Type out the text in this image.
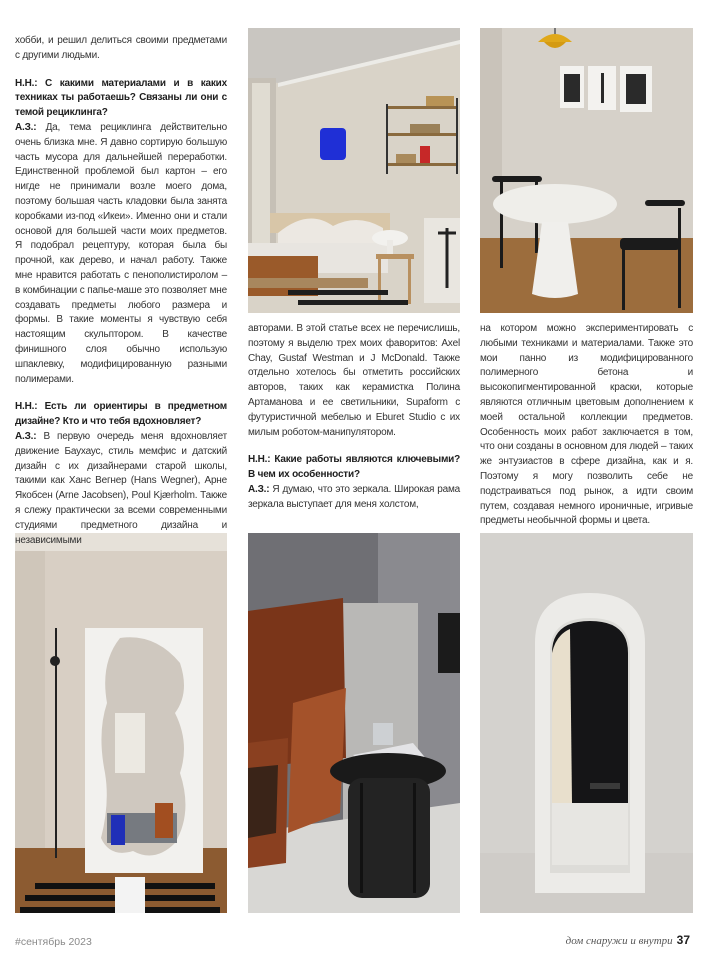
хобби, и решил делиться своими предметами с другими людьми.

Н.Н.: С какими материалами и в каких техниках ты работаешь? Связаны ли они с темой рециклинга?

А.З.: Да, тема рециклинга действительно очень близка мне. Я давно сортирую большую часть мусора для дальнейшей переработки. Единственной проблемой был картон – его нигде не принимали возле моего дома, поэтому большая часть кладовки была занята коробками из-под «Икеи». Именно они и стали основой для большей части моих предметов. Я подобрал рецептуру, которая была бы прочной, как дерево, и начал работу. Также мне нравится работать с пенополистиролом – в комбинации с папье-маше это позволяет мне создавать предметы любого размера и формы. В такие моменты я чувствую себя настоящим скульптором. В качестве финишного слоя обычно использую шпаклевку, модифицированную разными полимерами.

Н.Н.: Есть ли ориентиры в предметном дизайне? Кто и что тебя вдохновляет?

А.З.: В первую очередь меня вдохновляет движение Баухаус, стиль мемфис и датский дизайн с их дизайнерами старой школы, такими как Ханс Вегнер (Hans Wegner), Арне Якобсен (Arne Jacobsen), Poul Kjærholm. Также я слежу практически за всеми современными студиями предметного дизайна и независимыми

авторами. В этой статье всех не перечислишь, поэтому я выделю трех моих фаворитов: Axel Chay, Gustaf Westman и J McDonald. Также отдельно хотелось бы отметить российских авторов, таких как керамистка Полина Артаманова и ее светильники, Supaform с футуристичной мебелью и Eburet Studio с их милым роботом-манипулятором.

Н.Н.: Какие работы являются ключевыми? В чем их особенности?

А.З.: Я думаю, что это зеркала. Широкая рама зеркала выступает для меня холстом,

на котором можно экспериментировать с любыми техниками и материалами. Также это мои панно из модифицированного полимерного бетона и высокопигментированной краски, которые являются отличным цветовым дополнением к моей остальной коллекции предметов. Особенность моих работ заключается в том, что они созданы в основном для людей – таких же энтузиастов в сфере дизайна, как и я. Поэтому я могу позволить себе не подстраиваться под рынок, а идти своим путем, создавая немного ироничные, игривые предметы необычной формы и цвета.

#сентябрь 2023	дом снаружи и внутри 37
